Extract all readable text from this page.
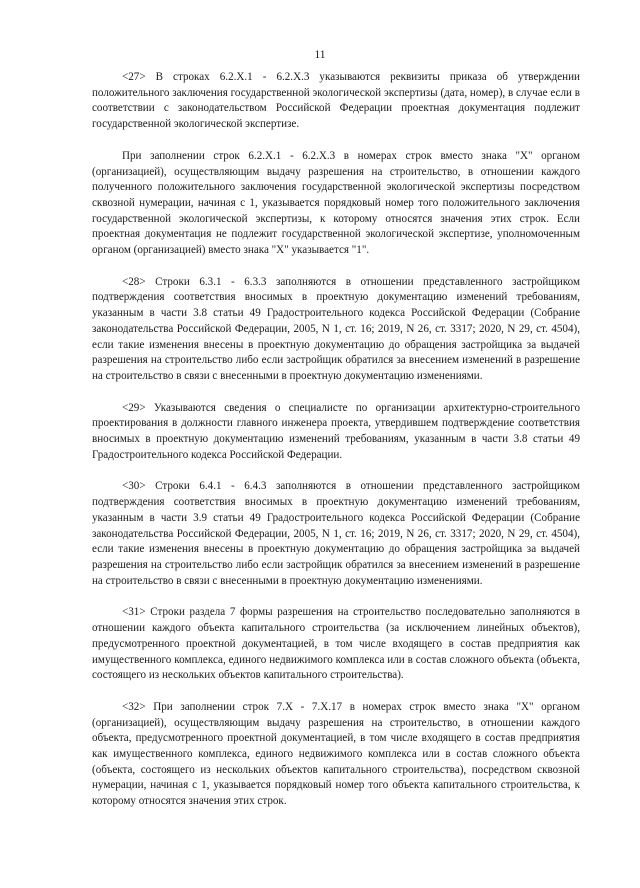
11

<27> В строках 6.2.Х.1 - 6.2.Х.3 указываются реквизиты приказа об утверждении положительного заключения государственной экологической экспертизы (дата, номер), в случае если в соответствии с законодательством Российской Федерации проектная документация подлежит государственной экологической экспертизе.

При заполнении строк 6.2.Х.1 - 6.2.Х.3 в номерах строк вместо знака "Х" органом (организацией), осуществляющим выдачу разрешения на строительство, в отношении каждого полученного положительного заключения государственной экологической экспертизы посредством сквозной нумерации, начиная с 1, указывается порядковый номер того положительного заключения государственной экологической экспертизы, к которому относятся значения этих строк. Если проектная документация не подлежит государственной экологической экспертизе, уполномоченным органом (организацией) вместо знака "Х" указывается "1".

<28> Строки 6.3.1 - 6.3.3 заполняются в отношении представленного застройщиком подтверждения соответствия вносимых в проектную документацию изменений требованиям, указанным в части 3.8 статьи 49 Градостроительного кодекса Российской Федерации (Собрание законодательства Российской Федерации, 2005, N 1, ст. 16; 2019, N 26, ст. 3317; 2020, N 29, ст. 4504), если такие изменения внесены в проектную документацию до обращения застройщика за выдачей разрешения на строительство либо если застройщик обратился за внесением изменений в разрешение на строительство в связи с внесенными в проектную документацию изменениями.

<29> Указываются сведения о специалисте по организации архитектурно-строительного проектирования в должности главного инженера проекта, утвердившем подтверждение соответствия вносимых в проектную документацию изменений требованиям, указанным в части 3.8 статьи 49 Градостроительного кодекса Российской Федерации.

<30> Строки 6.4.1 - 6.4.3 заполняются в отношении представленного застройщиком подтверждения соответствия вносимых в проектную документацию изменений требованиям, указанным в части 3.9 статьи 49 Градостроительного кодекса Российской Федерации (Собрание законодательства Российской Федерации, 2005, N 1, ст. 16; 2019, N 26, ст. 3317; 2020, N 29, ст. 4504), если такие изменения внесены в проектную документацию до обращения застройщика за выдачей разрешения на строительство либо если застройщик обратился за внесением изменений в разрешение на строительство в связи с внесенными в проектную документацию изменениями.

<31> Строки раздела 7 формы разрешения на строительство последовательно заполняются в отношении каждого объекта капитального строительства (за исключением линейных объектов), предусмотренного проектной документацией, в том числе входящего в состав предприятия как имущественного комплекса, единого недвижимого комплекса или в состав сложного объекта (объекта, состоящего из нескольких объектов капитального строительства).

<32> При заполнении строк 7.Х - 7.Х.17 в номерах строк вместо знака "Х" органом (организацией), осуществляющим выдачу разрешения на строительство, в отношении каждого объекта, предусмотренного проектной документацией, в том числе входящего в состав предприятия как имущественного комплекса, единого недвижимого комплекса или в состав сложного объекта (объекта, состоящего из нескольких объектов капитального строительства), посредством сквозной нумерации, начиная с 1, указывается порядковый номер того объекта капитального строительства, к которому относятся значения этих строк.
